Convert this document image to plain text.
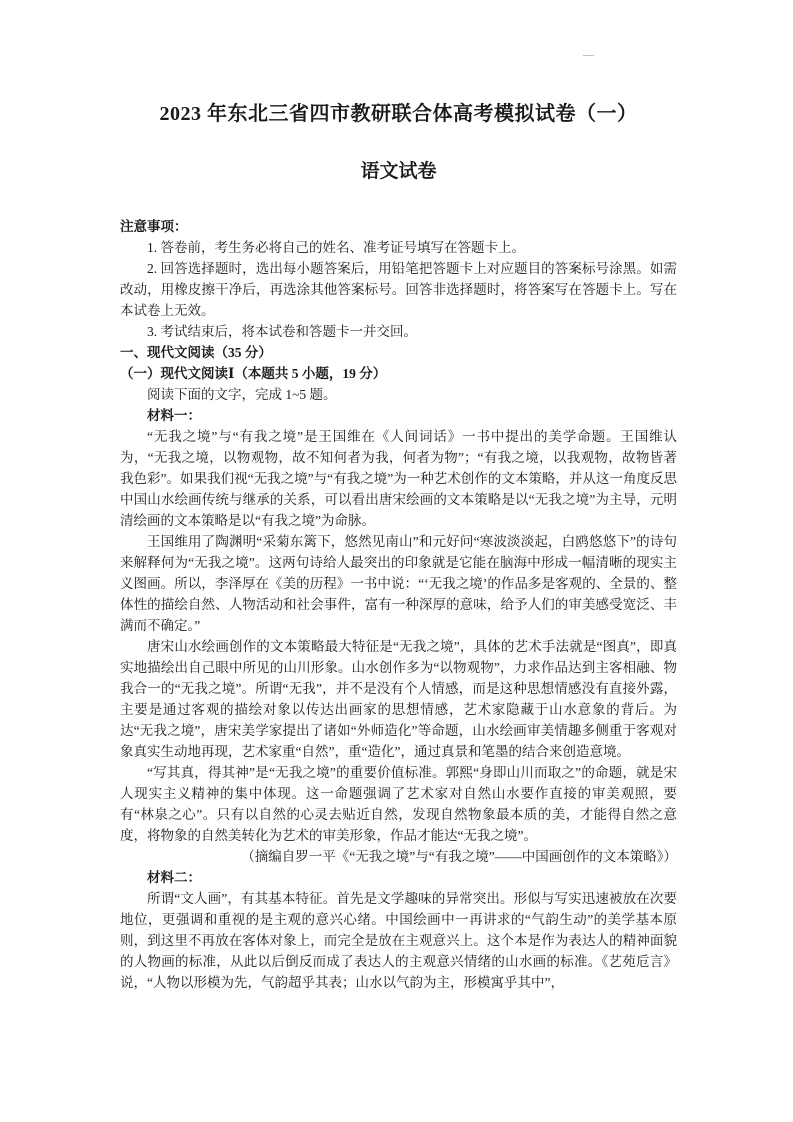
—
2023 年东北三省四市教研联合体高考模拟试卷（一）
语文试卷
注意事项：

1. 答卷前，考生务必将自己的姓名、准考证号填写在答题卡上。

2. 回答选择题时，选出每小题答案后，用铅笔把答题卡上对应题目的答案标号涂黑。如需改动，用橡皮擦干净后，再选涂其他答案标号。回答非选择题时，将答案写在答题卡上。写在本试卷上无效。

3. 考试结束后，将本试卷和答题卡一并交回。

一、现代文阅读（35 分）
（一）现代文阅读Ⅰ（本题共 5 小题，19 分）

阅读下面的文字，完成 1~5 题。

材料一：

“无我之境”与“有我之境”是王国维在《人间词话》一书中提出的美学命题。王国维认为，“无我之境，以物观物，故不知何者为我，何者为物”；“有我之境，以我观物，故物皆著我色彩”。如果我们视“无我之境”与“有我之境”为一种艺术创作的文本策略，并从这一角度反思中国山水绘画传统与继承的关系，可以看出唐宋绘画的文本策略是以“无我之境”为主导，元明清绘画的文本策略是以“有我之境”为命脉。

王国维用了陶渊明“采菊东篱下，悠然见南山”和元好问“寒波淡淡起，白鸥悠悠下”的诗句来解释何为“无我之境”。这两句诗给人最突出的印象就是它能在脑海中形成一幅清晰的现实主义图画。所以，李泽厚在《美的历程》一书中说：“‘无我之境’的作品多是客观的、全景的、整体性的描绘自然、人物活动和社会事件，富有一种深厚的意味，给予人们的审美感受宽泛、丰满而不确定。”

唐宋山水绘画创作的文本策略最大特征是“无我之境”，具体的艺术手法就是“图真”，即真实地描绘出自己眼中所见的山川形象。山水创作多为“以物观物”，力求作品达到主客相融、物我合一的“无我之境”。所谓“无我”，并不是没有个人情感，而是这种思想情感没有直接外露，主要是通过客观的描绘对象以传达出画家的思想情感，艺术家隐藏于山水意象的背后。为达“无我之境”，唐宋美学家提出了诸如“外师造化”等命题，山水绘画审美情趣多侧重于客观对象真实生动地再现，艺术家重“自然”，重“造化”，通过真景和笔墨的结合来创造意境。

“写其真，得其神”是“无我之境”的重要价值标准。郭熙“身即山川而取之”的命题，就是宋人现实主义精神的集中体现。这一命题强调了艺术家对自然山水要作直接的审美观照，要有“林泉之心”。只有以自然的心灵去贴近自然，发现自然物象最本质的美，才能得自然之意度，将物象的自然美转化为艺术的审美形象，作品才能达“无我之境”。

（摘编自罗一平《“无我之境”与“有我之境”——中国画创作的文本策略》）

材料二：

所谓“文人画”，有其基本特征。首先是文学趣味的异常突出。形似与写实迅速被放在次要地位，更强调和重视的是主观的意兴心绪。中国绘画中一再讲求的“气韵生动”的美学基本原则，到这里不再放在客体对象上，而完全是放在主观意兴上。这个本是作为表达人的精神面貌的人物画的标准，从此以后倒反而成了表达人的主观意兴情绪的山水画的标准。《艺苑卮言》说，“人物以形模为先，气韵超乎其表；山水以气韵为主，形模寓乎其中”，
